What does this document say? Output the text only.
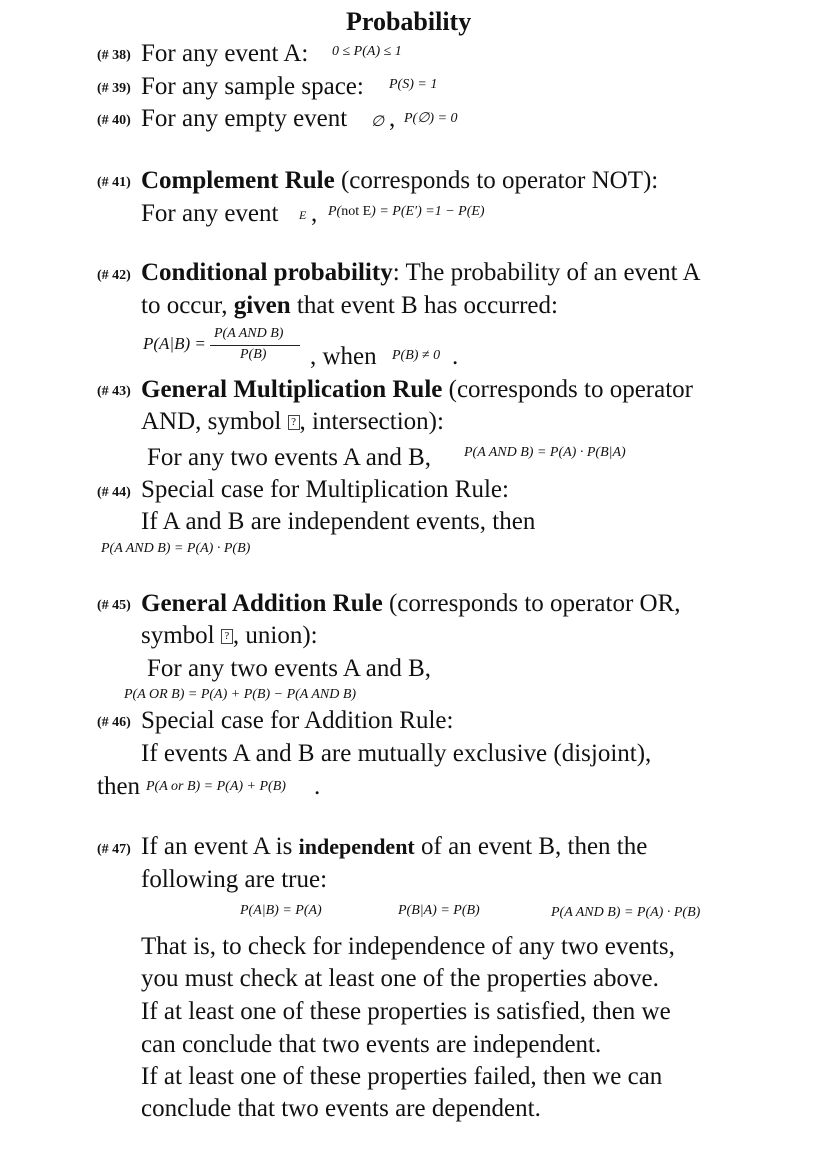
Probability
(# 38) For any event A: 0 ≤ P(A) ≤ 1
(# 39) For any sample space: P(S) = 1
(# 40) For any empty event ∅ , P(∅) = 0
(# 41) Complement Rule (corresponds to operator NOT):
For any event E , P(not E) = P(E′) =1 − P(E)
(# 42) Conditional probability: The probability of an event A
to occur, given that event B has occurred:
P(A|B) =
P(A AND B)
P(B) , when P(B) ≠ 0 .
(# 43) General Multiplication Rule (corresponds to operator
AND, symbol ? , intersection):
For any two events A and B, P(A AND B) = P(A) · P(B|A)
(# 44) Special case for Multiplication Rule:
If A and B are independent events, then
P(A AND B) = P(A) · P(B)
(# 45) General Addition Rule (corresponds to operator OR,
symbol ? , union):
For any two events A and B,
P(A OR B) = P(A) + P(B) − P(A AND B)
(# 46) Special case for Addition Rule:
If events A and B are mutually exclusive (disjoint),
then P(A or B) = P(A) + P(B) .
(# 47) If an event A is independent of an event B, then the
following are true:
P(A|B) = P(A)	P(B|A) = P(B)	P(A AND B) = P(A) · P(B)
That is, to check for independence of any two events,
you must check at least one of the properties above.
If at least one of these properties is satisfied, then we
can conclude that two events are independent.
If at least one of these properties failed, then we can
conclude that two events are dependent.
